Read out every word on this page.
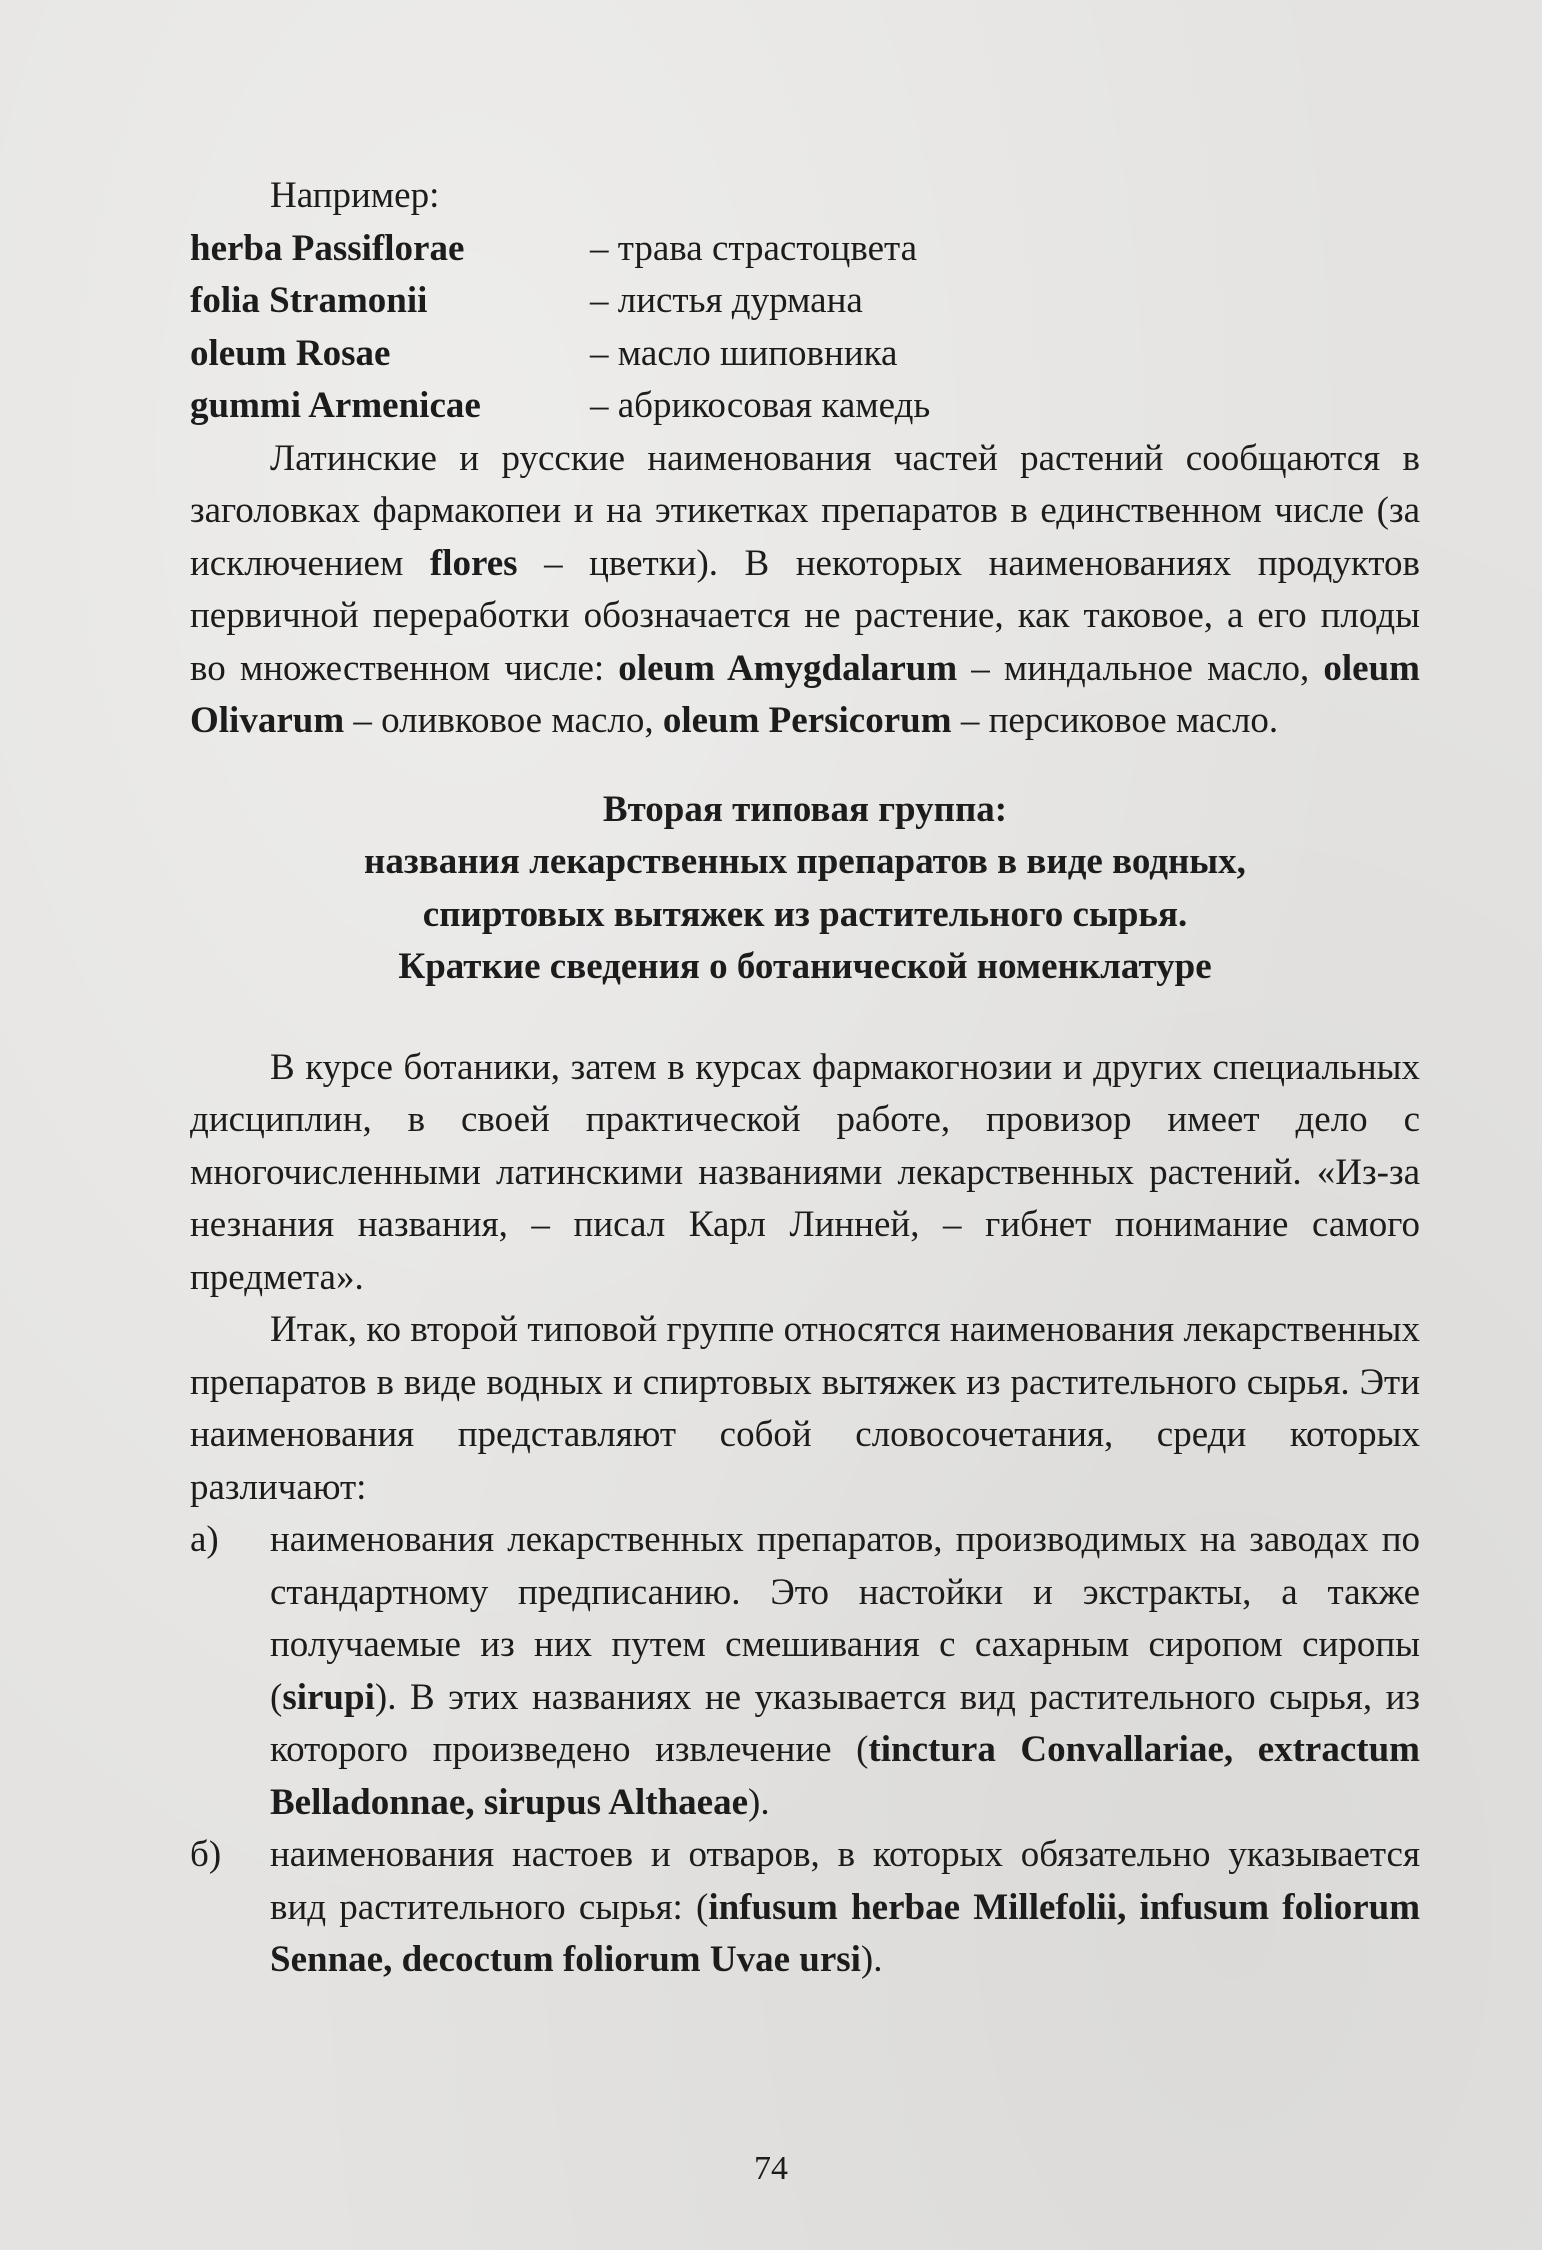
Например:

herba Passiflorae	– трава страстоцвета
folia Stramonii	– листья дурмана
oleum Rosae	– масло шиповника
gummi Armenicae	– абрикосовая камедь

Латинские и русские наименования частей растений сообщаются в заголовках фармакопеи и на этикетках препаратов в единственном числе (за исключением flores – цветки). В некоторых наименованиях продуктов первичной переработки обозначается не растение, как таковое, а его плоды во множественном числе: oleum Amygdalarum – миндальное масло, oleum Olivarum – оливковое масло, oleum Persicorum – персиковое масло.

Вторая типовая группа:

названия лекарственных препаратов в виде водных,

спиртовых вытяжек из растительного сырья.

Краткие сведения о ботанической номенклатуре

В курсе ботаники, затем в курсах фармакогнозии и других специальных дисциплин, в своей практической работе, провизор имеет дело с многочисленными латинскими названиями лекарственных растений. «Из-за незнания названия, – писал Карл Линней, – гибнет понимание самого предмета».

Итак, ко второй типовой группе относятся наименования лекарственных препаратов в виде водных и спиртовых вытяжек из растительного сырья. Эти наименования представляют собой словосочетания, среди которых различают:

а)	наименования лекарственных препаратов, производимых на заводах по стандартному предписанию. Это настойки и экстракты, а также получаемые из них путем смешивания с сахарным сиропом сиропы (sirupi). В этих названиях не указывается вид растительного сырья, из которого произведено извлечение (tinctura Convallariae, extractum Belladonnae, sirupus Althaeae).
б)	наименования настоев и отваров, в которых обязательно указывается вид растительного сырья: (infusum herbae Millefolii, infusum foliorum Sennae, decoctum foliorum Uvae ursi).
74
